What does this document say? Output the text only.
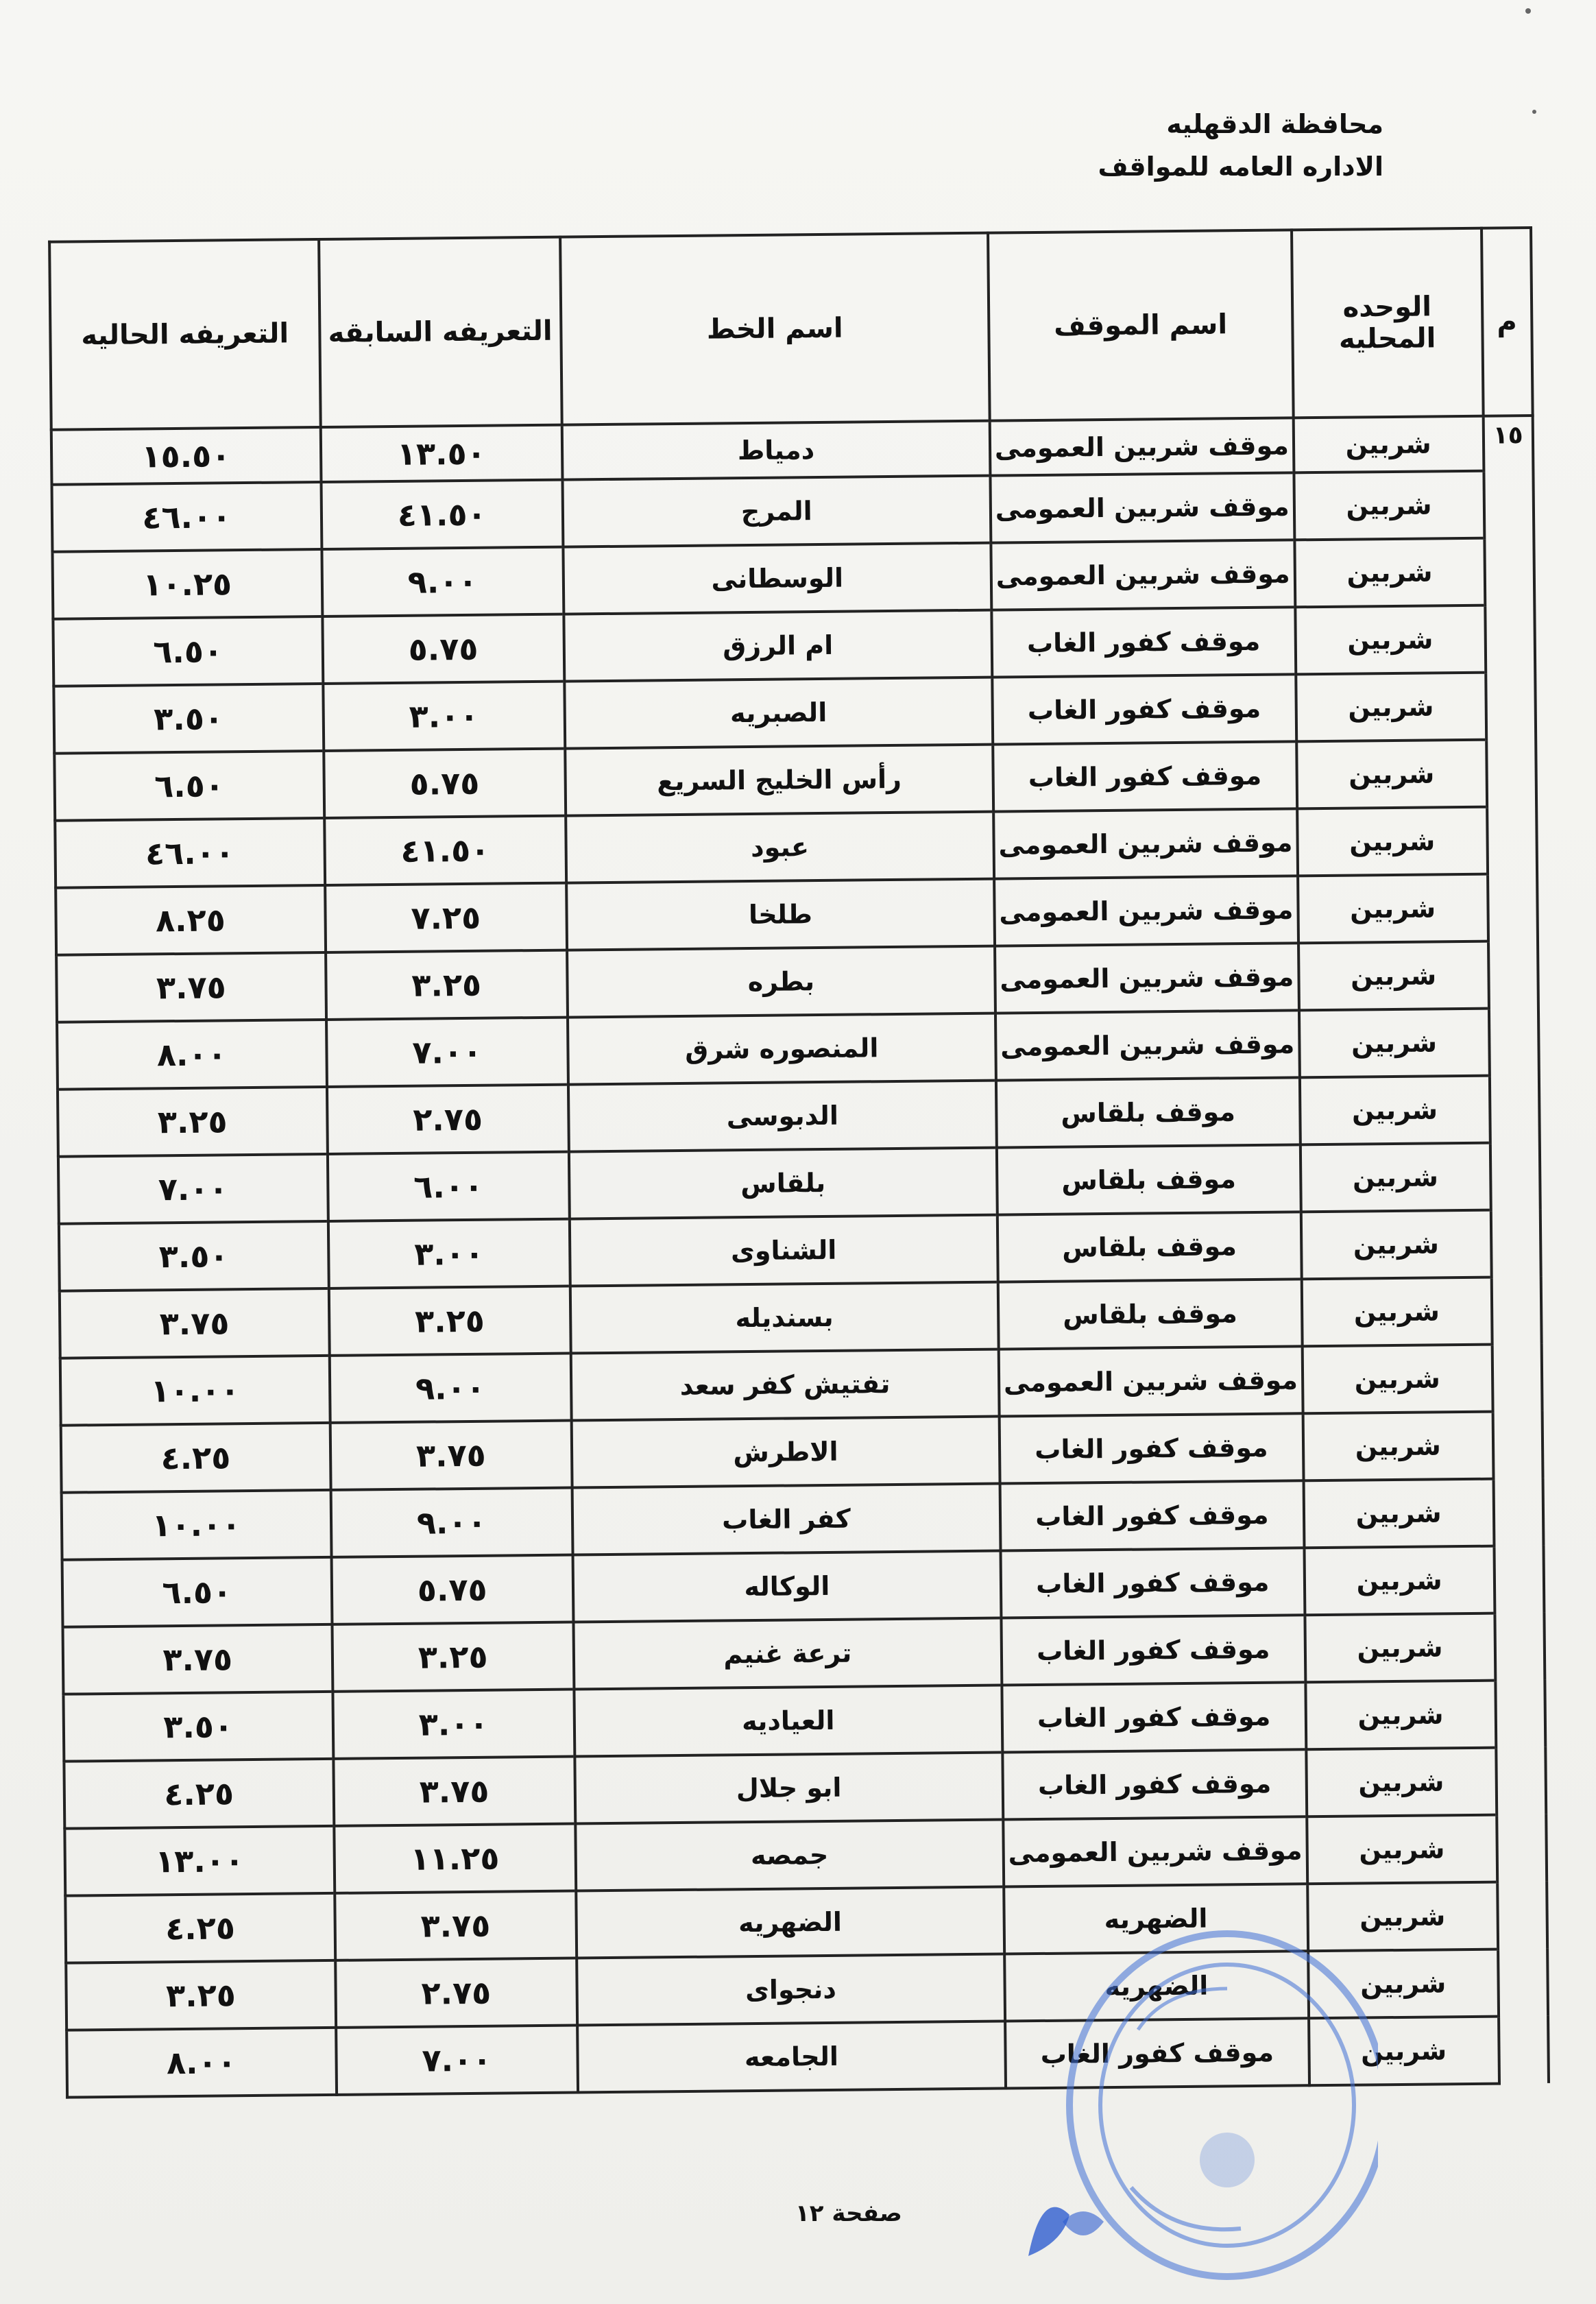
محافظة الدقهليه
الاداره العامه للمواقف
م	الوحده المحليه	اسم الموقف	اسم الخط	التعريفه السابقه	التعريفه الحاليه
١٥	شربين	موقف شربين العمومى	دمياط	١٣.٥٠	١٥.٥٠
	شربين	موقف شربين العمومى	المرج	٤١.٥٠	٤٦.٠٠
	شربين	موقف شربين العمومى	الوسطانى	٩.٠٠	١٠.٢٥
	شربين	موقف كفور الغاب	ام الرزق	٥.٧٥	٦.٥٠
	شربين	موقف كفور الغاب	الصبريه	٣.٠٠	٣.٥٠
	شربين	موقف كفور الغاب	رأس الخليج السريع	٥.٧٥	٦.٥٠
	شربين	موقف شربين العمومى	عبود	٤١.٥٠	٤٦.٠٠
	شربين	موقف شربين العمومى	طلخا	٧.٢٥	٨.٢٥
	شربين	موقف شربين العمومى	بطره	٣.٢٥	٣.٧٥
	شربين	موقف شربين العمومى	المنصوره شرق	٧.٠٠	٨.٠٠
	شربين	موقف بلقاس	الدبوسى	٢.٧٥	٣.٢٥
	شربين	موقف بلقاس	بلقاس	٦.٠٠	٧.٠٠
	شربين	موقف بلقاس	الشناوى	٣.٠٠	٣.٥٠
	شربين	موقف بلقاس	بسنديله	٣.٢٥	٣.٧٥
	شربين	موقف شربين العمومى	تفتيش كفر سعد	٩.٠٠	١٠.٠٠
	شربين	موقف كفور الغاب	الاطرش	٣.٧٥	٤.٢٥
	شربين	موقف كفور الغاب	كفر الغاب	٩.٠٠	١٠.٠٠
	شربين	موقف كفور الغاب	الوكاله	٥.٧٥	٦.٥٠
	شربين	موقف كفور الغاب	ترعة غنيم	٣.٢٥	٣.٧٥
	شربين	موقف كفور الغاب	العياديه	٣.٠٠	٣.٥٠
	شربين	موقف كفور الغاب	ابو جلال	٣.٧٥	٤.٢٥
	شربين	موقف شربين العمومى	جمصه	١١.٢٥	١٣.٠٠
	شربين	الضهريه	الضهريه	٣.٧٥	٤.٢٥
	شربين	الضهريه	دنجواى	٢.٧٥	٣.٢٥
	شربين	موقف كفور الغاب	الجامعه	٧.٠٠	٨.٠٠
صفحة ١٢
